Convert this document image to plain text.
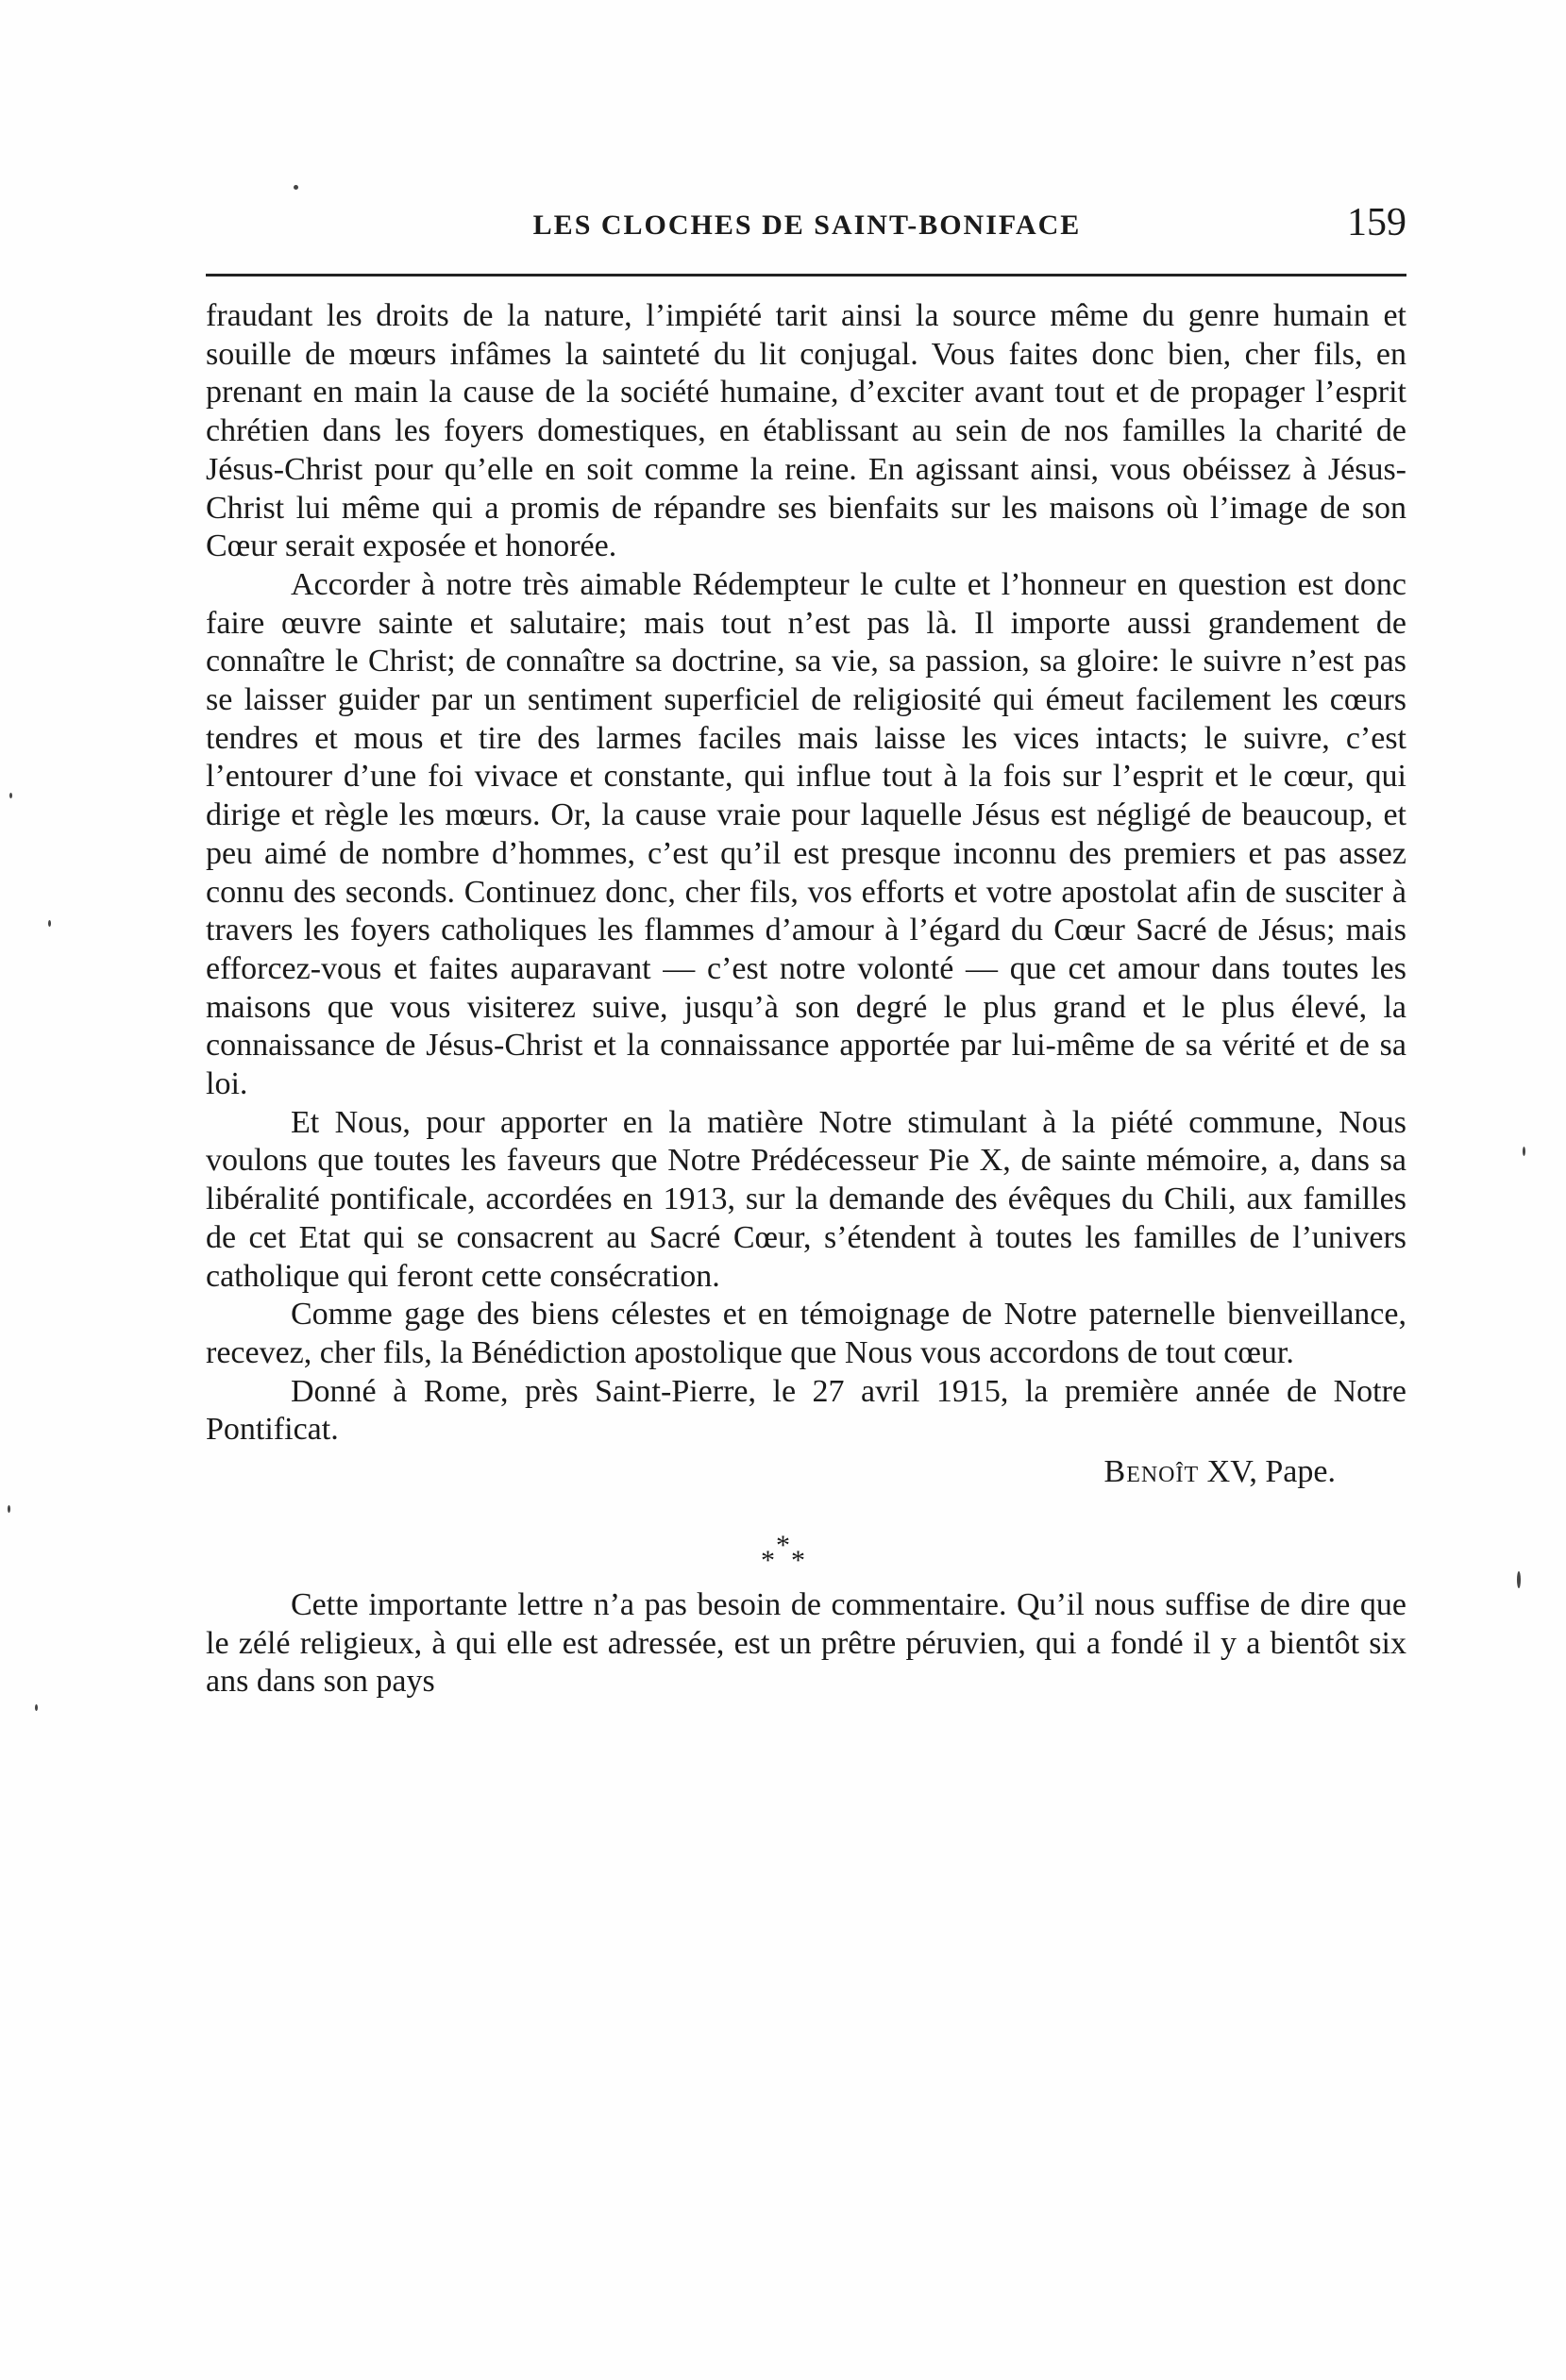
LES CLOCHES DE SAINT-BONIFACE	159

fraudant les droits de la nature, l’impiété tarit ainsi la source même du genre humain et souille de mœurs infâmes la sainteté du lit conjugal. Vous faites donc bien, cher fils, en prenant en main la cause de la société humaine, d’exciter avant tout et de propager l’esprit chrétien dans les foyers domestiques, en établissant au sein de nos familles la charité de Jésus-Christ pour qu’elle en soit comme la reine. En agissant ainsi, vous obéissez à Jésus-Christ lui même qui a promis de répandre ses bienfaits sur les maisons où l’image de son Cœur serait exposée et honorée.

Accorder à notre très aimable Rédempteur le culte et l’honneur en question est donc faire œuvre sainte et salutaire; mais tout n’est pas là. Il importe aussi grandement de connaître le Christ; de connaître sa doctrine, sa vie, sa passion, sa gloire: le suivre n’est pas se laisser guider par un sentiment superficiel de religiosité qui émeut facilement les cœurs tendres et mous et tire des larmes faciles mais laisse les vices intacts; le suivre, c’est l’entourer d’une foi vivace et constante, qui influe tout à la fois sur l’esprit et le cœur, qui dirige et règle les mœurs. Or, la cause vraie pour laquelle Jésus est négligé de beaucoup, et peu aimé de nombre d’hommes, c’est qu’il est presque inconnu des premiers et pas assez connu des seconds. Continuez donc, cher fils, vos efforts et votre apostolat afin de susciter à travers les foyers catholiques les flammes d’amour à l’égard du Cœur Sacré de Jésus; mais efforcez-vous et faites auparavant — c’est notre volonté — que cet amour dans toutes les maisons que vous visiterez suive, jusqu’à son degré le plus grand et le plus élevé, la connaissance de Jésus-Christ et la connaissance apportée par lui-même de sa vérité et de sa loi.

Et Nous, pour apporter en la matière Notre stimulant à la piété commune, Nous voulons que toutes les faveurs que Notre Prédécesseur Pie X, de sainte mémoire, a, dans sa libéralité pontificale, accordées en 1913, sur la demande des évêques du Chili, aux familles de cet Etat qui se consacrent au Sacré Cœur, s’étendent à toutes les familles de l’univers catholique qui feront cette consécration.

Comme gage des biens célestes et en témoignage de Notre paternelle bienveillance, recevez, cher fils, la Bénédiction apostolique que Nous vous accordons de tout cœur.

Donné à Rome, près Saint-Pierre, le 27 avril 1915, la première année de Notre Pontificat.

Benoît XV, Pape.

*
* *

Cette importante lettre n’a pas besoin de commentaire. Qu’il nous suffise de dire que le zélé religieux, à qui elle est adressée, est un prêtre péruvien, qui a fondé il y a bientôt six ans dans son pays
